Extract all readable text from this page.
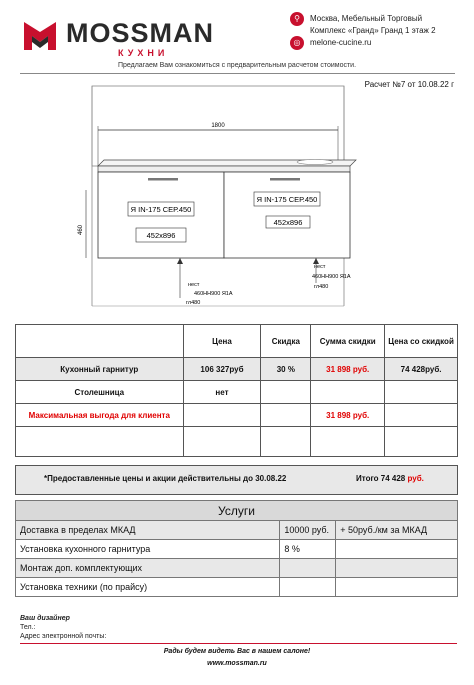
MOSSMAN
КУХНИ
⚲ Москва, Мебельный Торговый
Комплекс «Гранд» Гранд 1 этаж 2
◎ melone-cucine.ru
Предлагаем Вам ознакомиться с предварительным расчетом стоимости.
Расчет №7 от 10.08.22 г
1800
Я IN-175 СЕР.450
452x896
Я IN-175 СЕР.450
452x896
460
нест
460НН900 Я1А
гл480
нест
460НН900 Я1А
гл480
	Цена	Скидка	Сумма скидки	Цена со скидкой
Кухонный гарнитур	106 327руб	30 %	31 898 руб.	74 428руб.
Столешница	нет			
Максимальная выгода для клиента			31 898 руб.	

*Предоставленные цены и акции действительны до 30.08.22	Итого 74 428 руб.
Услуги		
Доставка в пределах МКАД	10000 руб.	+ 50руб./км за МКАД
Установка кухонного гарнитура	8 %	
Монтаж доп. комплектующих		
Установка техники (по прайсу)		
Ваш дизайнер
Тел.:
Адрес электронной почты:
Рады будем видеть Вас в нашем салоне!
www.mossman.ru
